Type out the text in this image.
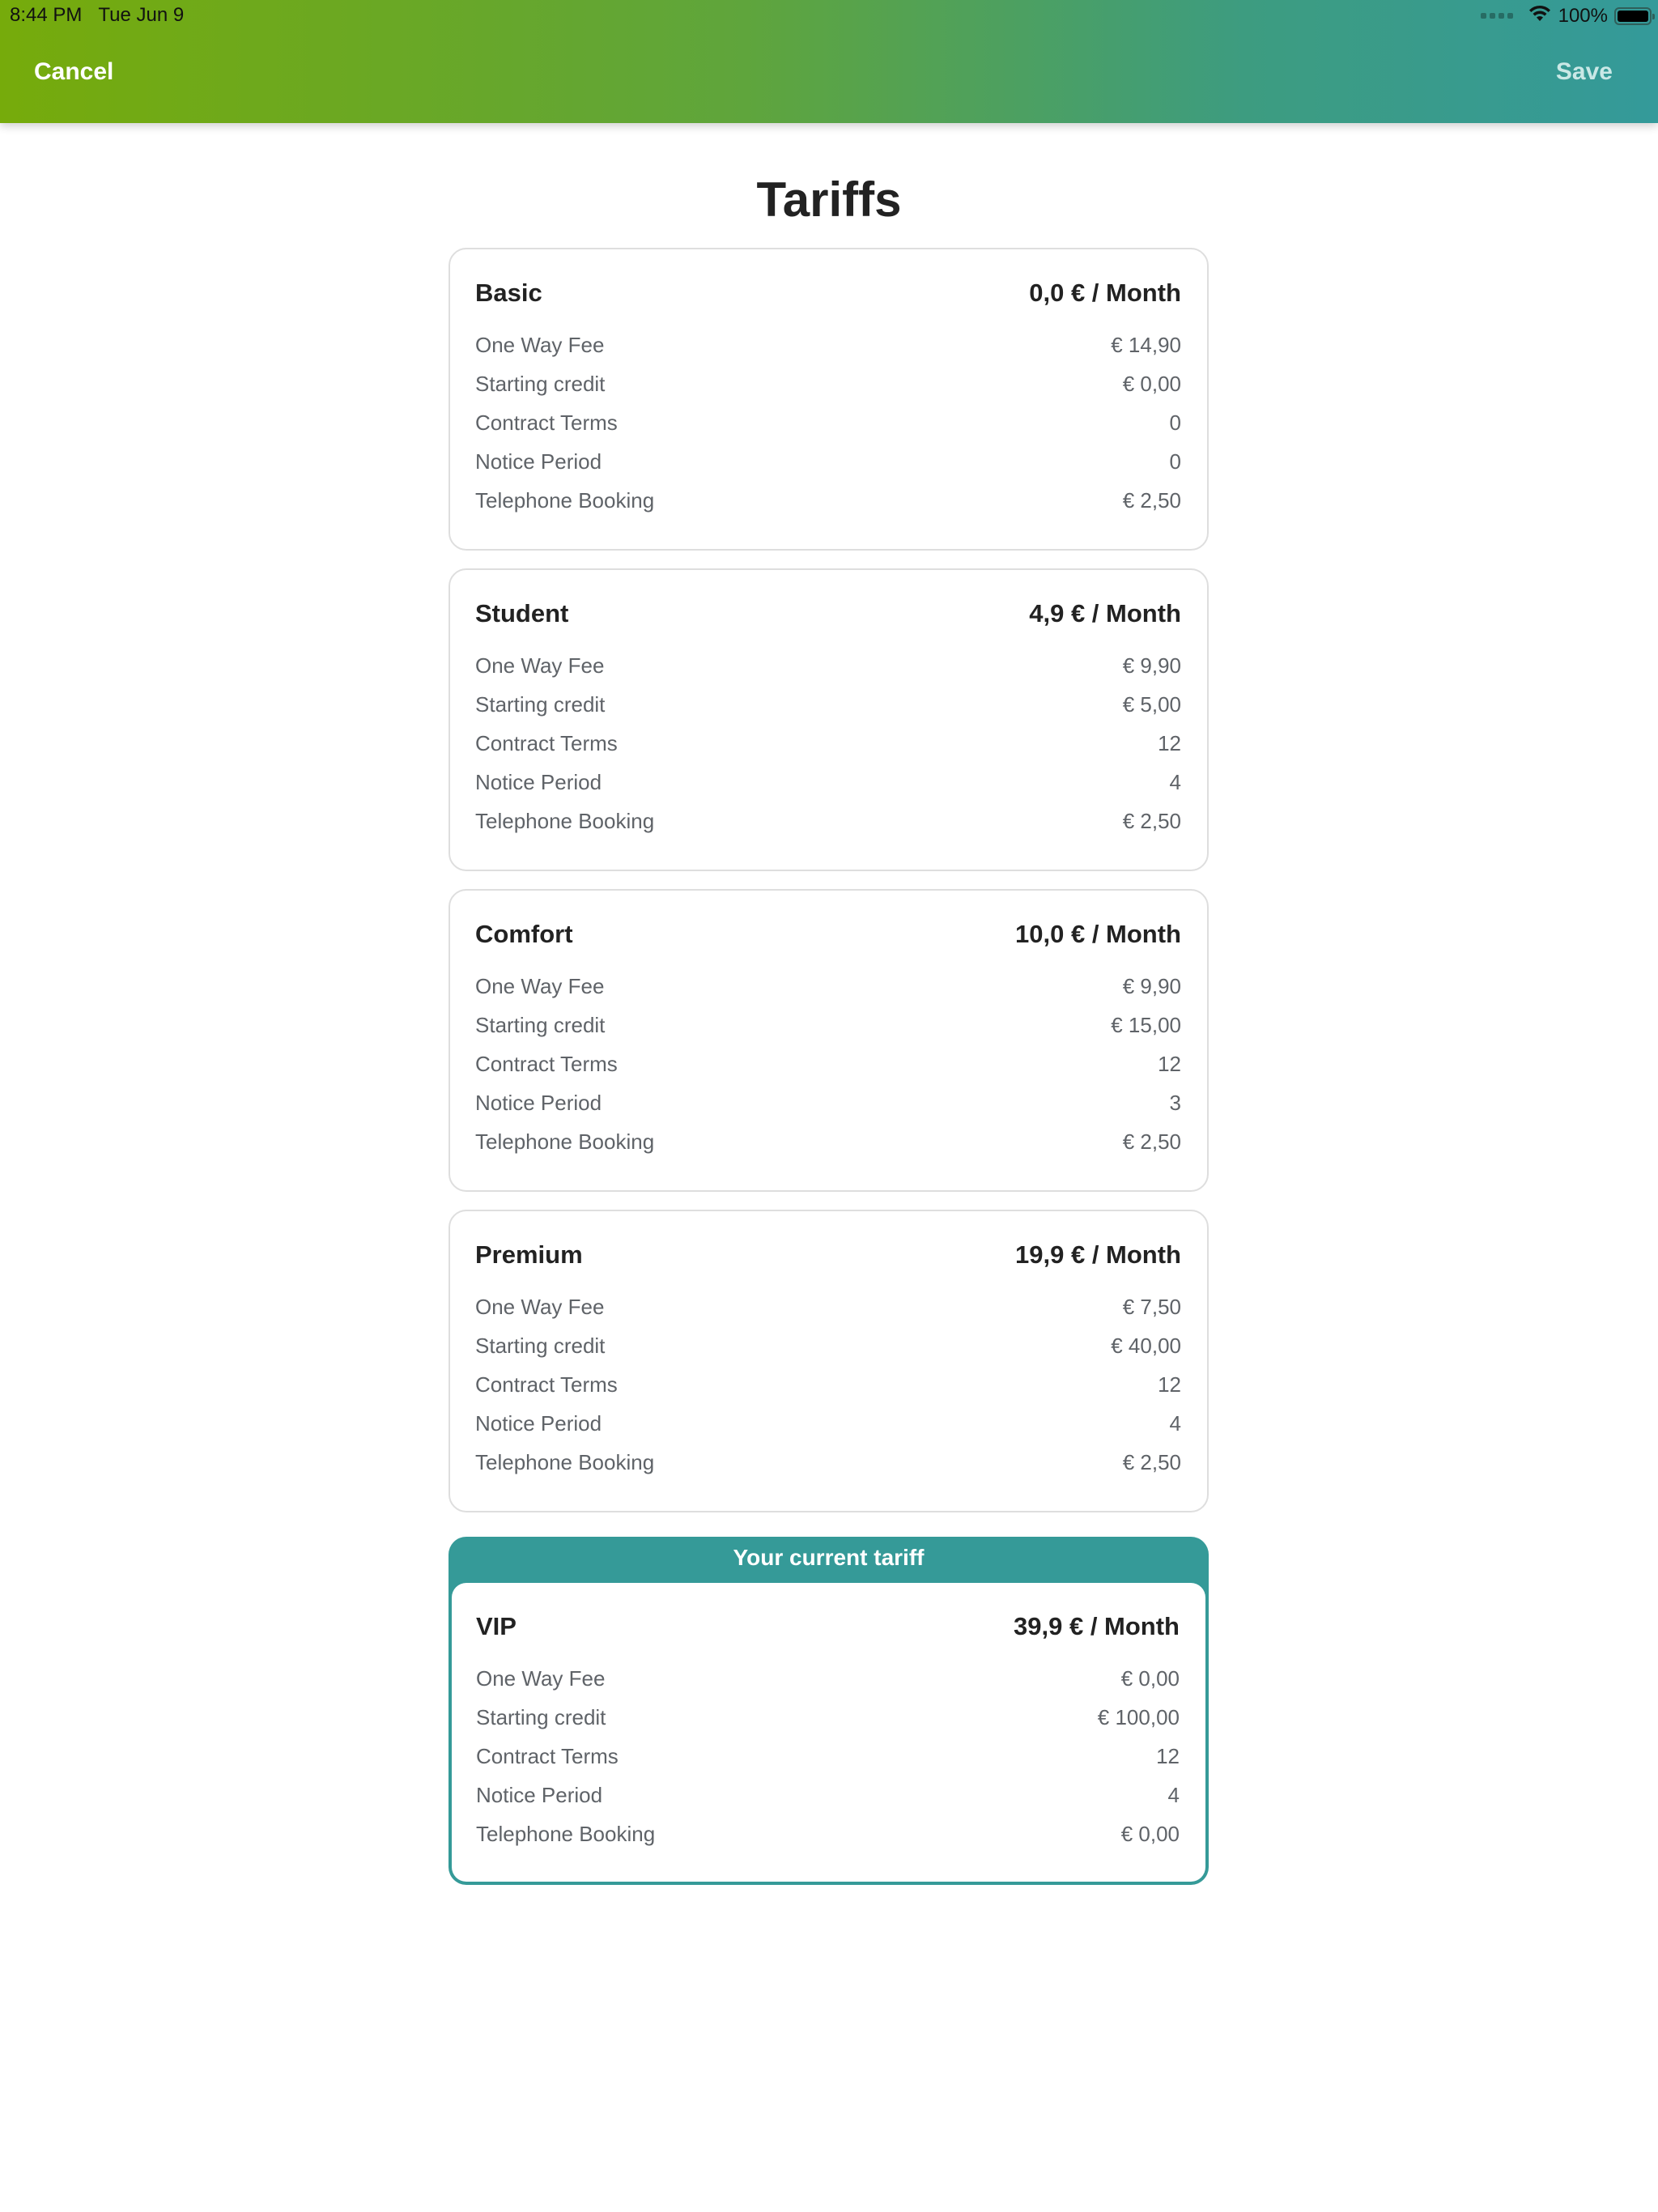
8:44 PM Tue Jun 9	100%
Cancel	Save
Tariffs
Basic	0,0 € / Month
One Way Fee	€ 14,90
Starting credit	€ 0,00
Contract Terms	0
Notice Period	0
Telephone Booking	€ 2,50
Student	4,9 € / Month
One Way Fee	€ 9,90
Starting credit	€ 5,00
Contract Terms	12
Notice Period	4
Telephone Booking	€ 2,50
Comfort	10,0 € / Month
One Way Fee	€ 9,90
Starting credit	€ 15,00
Contract Terms	12
Notice Period	3
Telephone Booking	€ 2,50
Premium	19,9 € / Month
One Way Fee	€ 7,50
Starting credit	€ 40,00
Contract Terms	12
Notice Period	4
Telephone Booking	€ 2,50
Your current tariff
VIP	39,9 € / Month
One Way Fee	€ 0,00
Starting credit	€ 100,00
Contract Terms	12
Notice Period	4
Telephone Booking	€ 0,00
